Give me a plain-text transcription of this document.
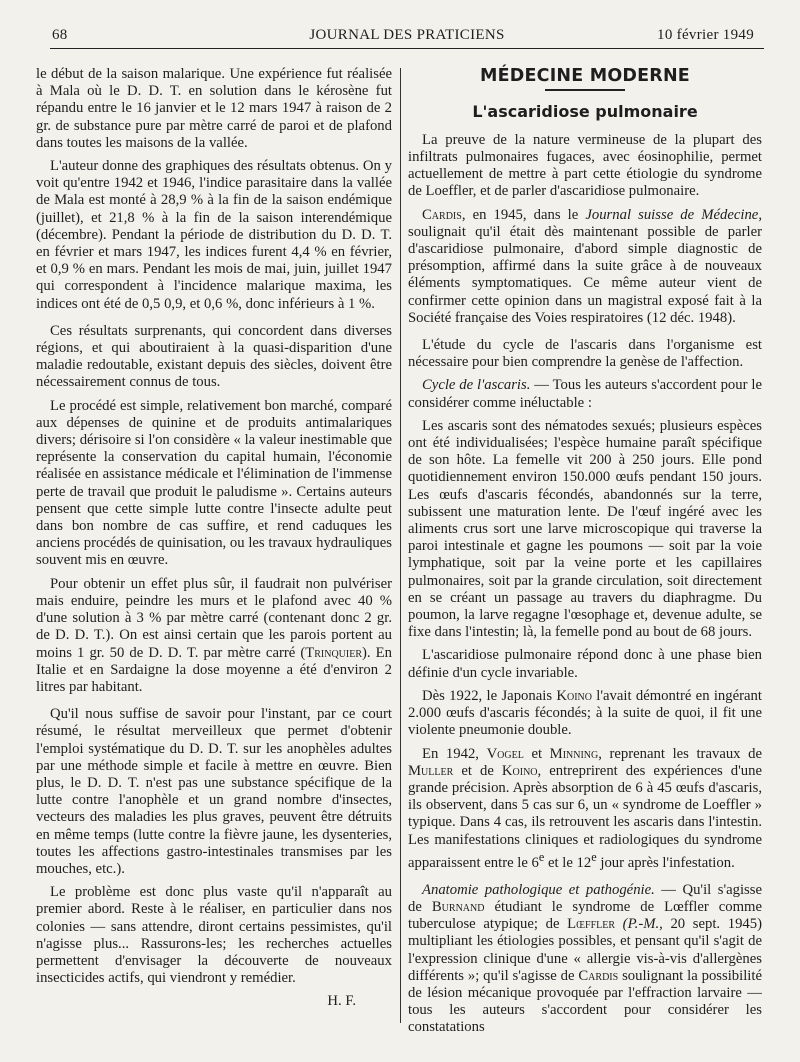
68	JOURNAL DES PRATICIENS	10 février 1949

le début de la saison malarique. Une expérience fut réalisée à Mala où le D. D. T. en solution dans le kérosène fut répandu entre le 16 janvier et le 12 mars 1947 à raison de 2 gr. de substance pure par mètre carré de paroi et de plafond dans toutes les maisons de la vallée.

L'auteur donne des graphiques des résultats obtenus. On y voit qu'entre 1942 et 1946, l'indice parasitaire dans la vallée de Mala est monté à 28,9 % à la fin de la saison endémique (juillet), et 21,8 % à la fin de la saison interendémique (décembre). Pendant la période de distribution du D. D. T. en février et mars 1947, les indices furent 4,4 % en février, et 0,9 % en mars. Pendant les mois de mai, juin, juillet 1947 qui correspondent à l'incidence malarique maxima, les indices ont été de 0,5 0,9, et 0,6 %, donc inférieurs à 1 %.

Ces résultats surprenants, qui concordent dans diverses régions, et qui aboutiraient à la quasi-disparition d'une maladie redoutable, existant depuis des siècles, doivent être nécessairement connus de tous.

Le procédé est simple, relativement bon marché, comparé aux dépenses de quinine et de produits antimalariques divers; dérisoire si l'on considère « la valeur inestimable que représente la conservation du capital humain, l'économie réalisée en assistance médicale et l'élimination de l'immense perte de travail que produit le paludisme ». Certains auteurs pensent que cette simple lutte contre l'insecte adulte peut dans bon nombre de cas suffire, et rend caduques les anciens procédés de quinisation, ou les travaux hydrauliques souvent mis en œuvre.

Pour obtenir un effet plus sûr, il faudrait non pulvériser mais enduire, peindre les murs et le plafond avec 40 % d'une solution à 3 % par mètre carré (contenant donc 2 gr. de D. D. T.). On est ainsi certain que les parois portent au moins 1 gr. 50 de D. D. T. par mètre carré (Trinquier). En Italie et en Sardaigne la dose moyenne a été d'environ 2 litres par habitant.

Qu'il nous suffise de savoir pour l'instant, par ce court résumé, le résultat merveilleux que permet d'obtenir l'emploi systématique du D. D. T. sur les anophèles adultes par une méthode simple et facile à mettre en œuvre. Bien plus, le D. D. T. n'est pas une substance spécifique de la lutte contre l'anophèle et un grand nombre d'insectes, vecteurs des maladies les plus graves, peuvent être détruits en même temps (lutte contre la fièvre jaune, les dysenteries, toutes les affections gastro-intestinales transmises par les mouches, etc.).

Le problème est donc plus vaste qu'il n'apparaît au premier abord. Reste à le réaliser, en particulier dans nos colonies — sans attendre, diront certains pessimistes, qu'il n'agisse plus... Rassurons-les; les recherches actuelles permettent d'envisager la découverte de nouveaux insecticides actifs, qui viendront y remédier.

H. F.
MÉDECINE MODERNE
L'ascaridiose pulmonaire

La preuve de la nature vermineuse de la plupart des infiltrats pulmonaires fugaces, avec éosinophilie, permet actuellement de mettre à part cette étiologie du syndrome de Loeffler, et de parler d'ascaridiose pulmonaire.

Cardis, en 1945, dans le Journal suisse de Médecine, soulignait qu'il était dès maintenant possible de parler d'ascaridiose pulmonaire, d'abord simple diagnostic de présomption, affirmé dans la suite grâce à de nouveaux éléments symptomatiques. Ce même auteur vient de confirmer cette opinion dans un magistral exposé fait à la Société française des Voies respiratoires (12 déc. 1948).

L'étude du cycle de l'ascaris dans l'organisme est nécessaire pour bien comprendre la genèse de l'affection.

Cycle de l'ascaris. — Tous les auteurs s'accordent pour le considérer comme inéluctable :

Les ascaris sont des nématodes sexués; plusieurs espèces ont été individualisées; l'espèce humaine paraît spécifique de son hôte. La femelle vit 200 à 250 jours. Elle pond quotidiennement environ 150.000 œufs pendant 150 jours. Les œufs d'ascaris fécondés, abandonnés sur la terre, subissent une maturation lente. De l'œuf ingéré avec les aliments crus sort une larve microscopique qui traverse la paroi intestinale et gagne les poumons — soit par la voie lymphatique, soit par la veine porte et les capillaires pulmonaires, soit par la grande circulation, soit directement en se créant un passage au travers du diaphragme. Du poumon, la larve regagne l'œsophage et, devenue adulte, se fixe dans l'intestin; là, la femelle pond au bout de 68 jours.

L'ascaridiose pulmonaire répond donc à une phase bien définie d'un cycle invariable.

Dès 1922, le Japonais Koino l'avait démontré en ingérant 2.000 œufs d'ascaris fécondés; à la suite de quoi, il fit une violente pneumonie double.

En 1942, Vogel et Minning, reprenant les travaux de Muller et de Koino, entreprirent des expériences d'une grande précision. Après absorption de 6 à 45 œufs d'ascaris, ils observent, dans 5 cas sur 6, un « syndrome de Loeffler » typique. Dans 4 cas, ils retrouvent les ascaris dans l'intestin. Les manifestations cliniques et radiologiques du syndrome apparaissent entre le 6e et le 12e jour après l'infestation.

Anatomie pathologique et pathogénie. — Qu'il s'agisse de Burnand étudiant le syndrome de Lœffler comme tuberculose atypique; de Lœffler (P.-M., 20 sept. 1945) multipliant les étiologies possibles, et pensant qu'il s'agit de l'expression clinique d'une « allergie vis-à-vis d'allergènes différents »; qu'il s'agisse de Cardis soulignant la possibilité de lésion mécanique provoquée par l'effraction larvaire — tous les auteurs s'accordent pour considérer les constatations
